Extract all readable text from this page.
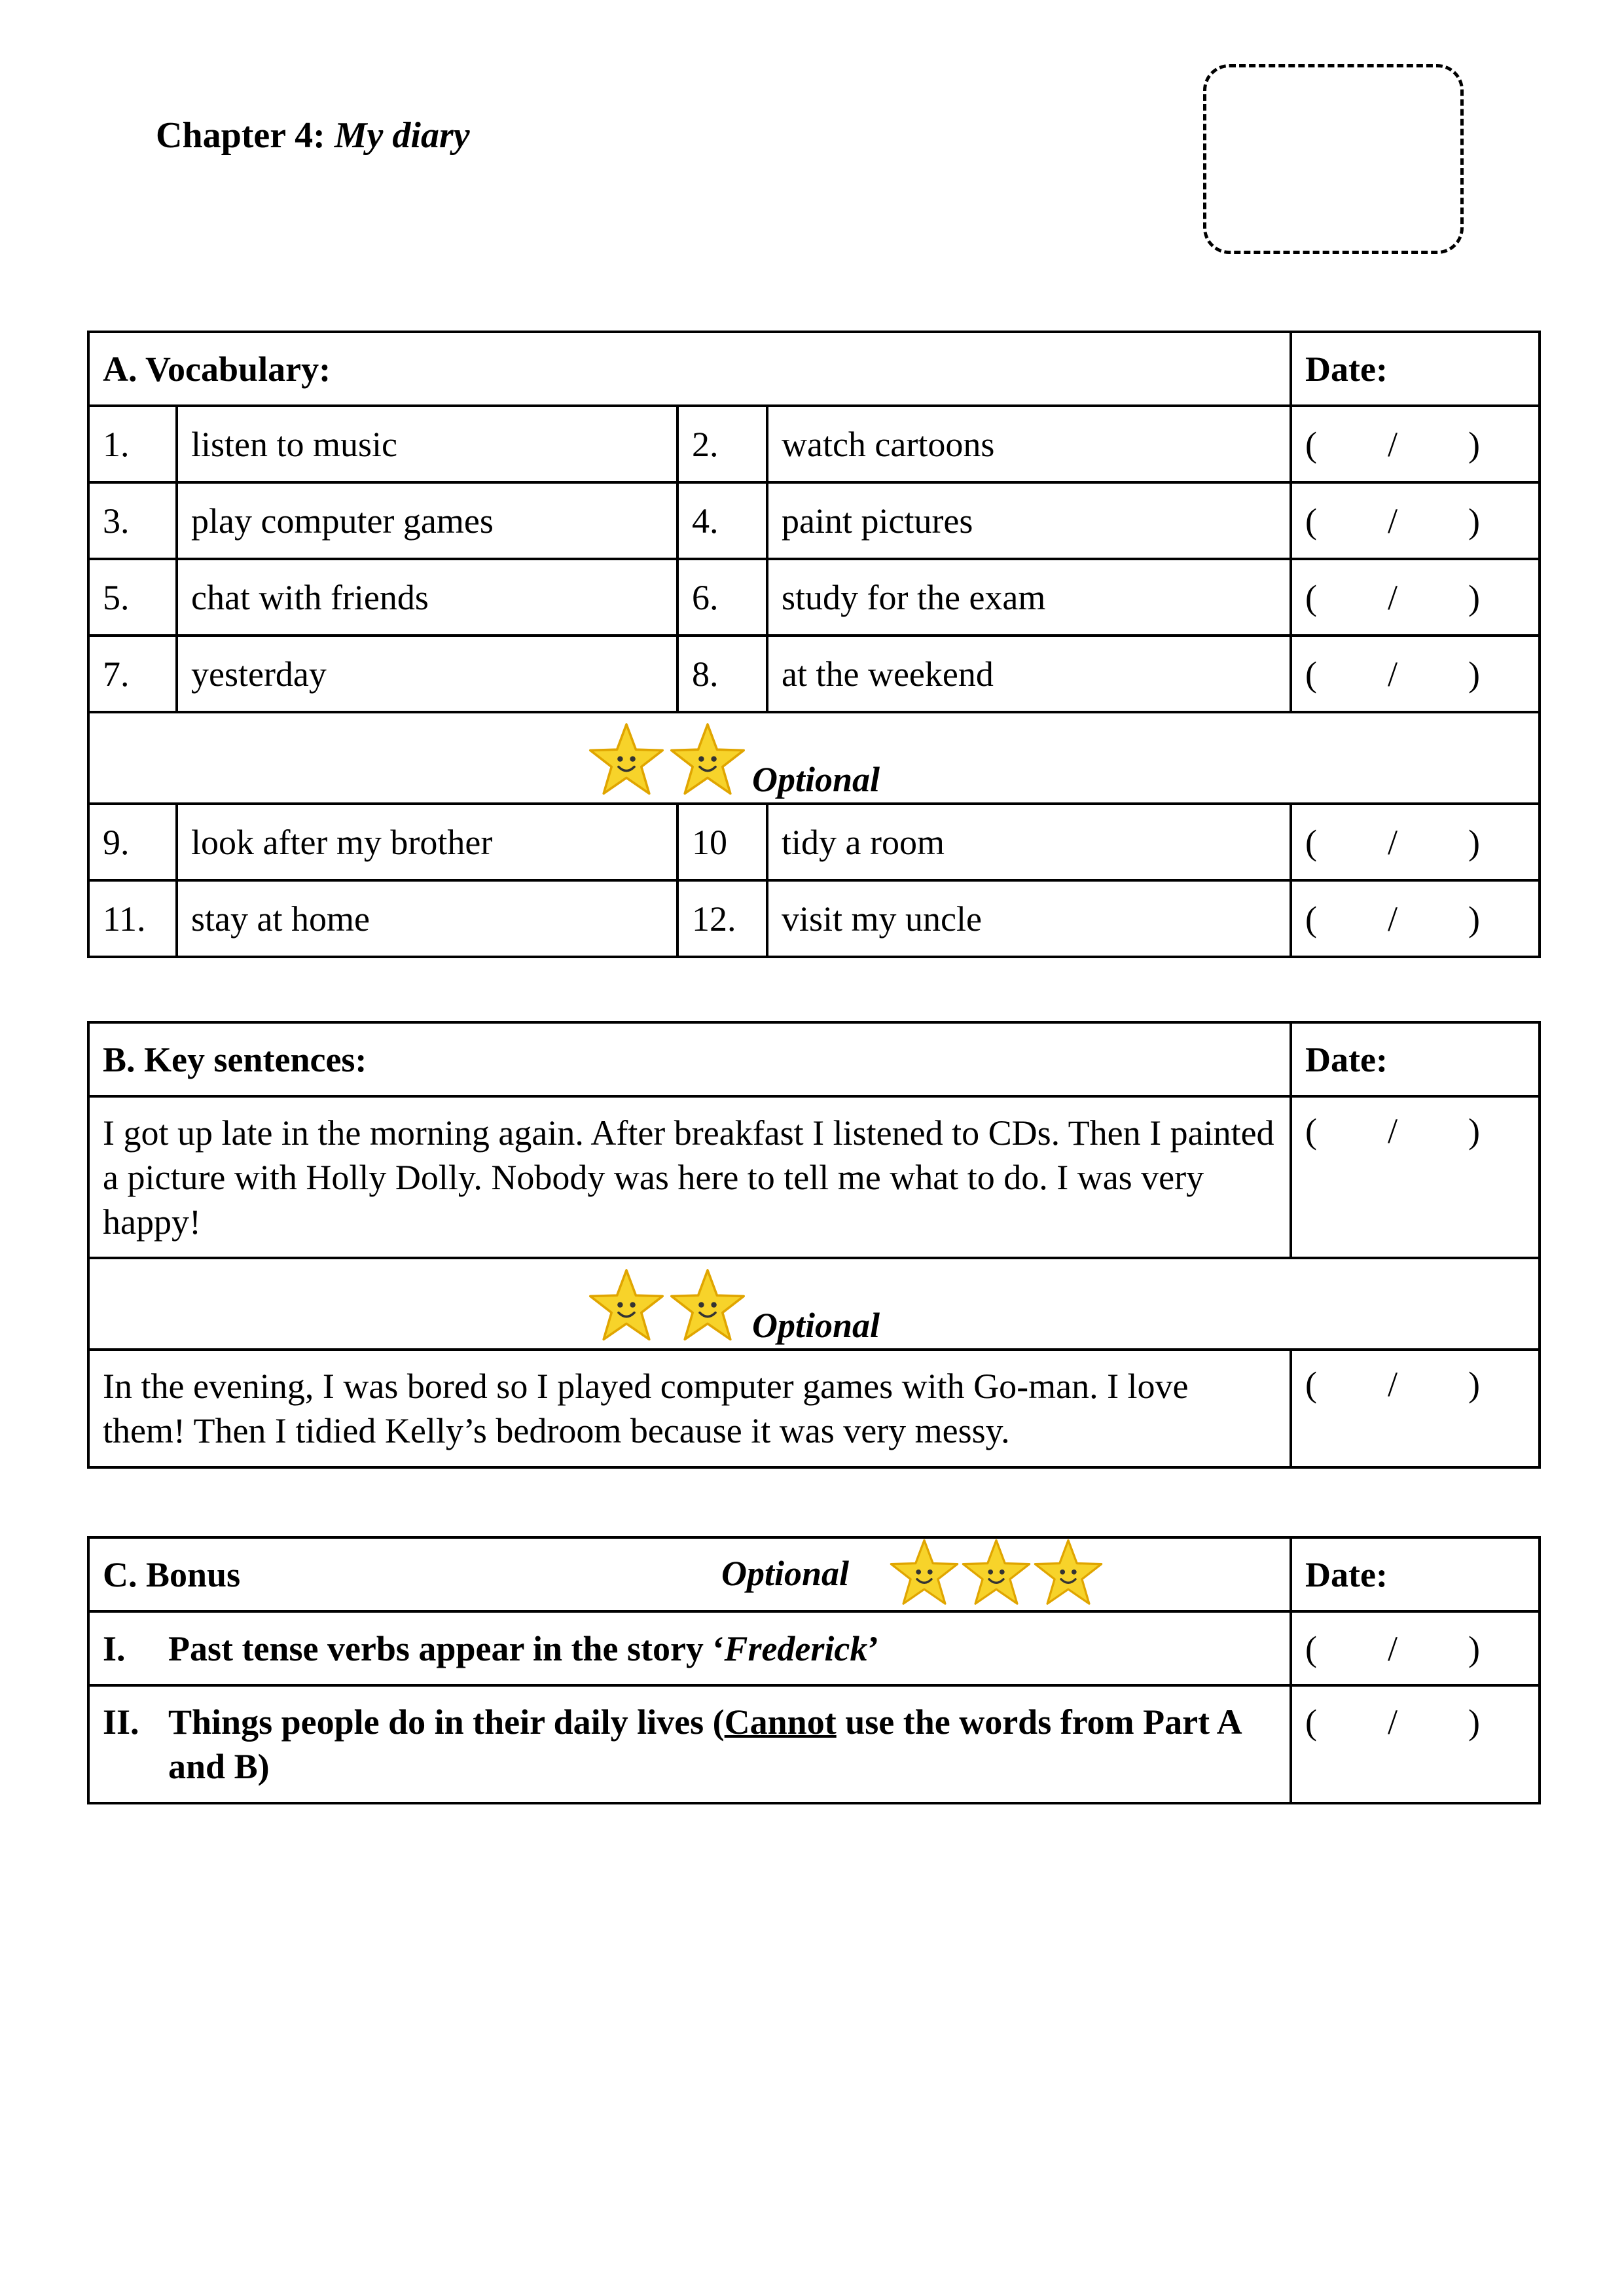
Chapter 4: My diary
A. Vocabulary:				Date:
1.	listen to music	2.	watch cartoons	(        /        )
3.	play computer games	4.	paint pictures	(        /        )
5.	chat with friends	6.	study for the exam	(        /        )
7.	yesterday	8.	at the weekend	(        /        )

Optional				

9.	look after my brother	10	tidy a room	(        /        )
11.	stay at home	12.	visit my uncle	(        /        )
B. Key sentences:	Date:
I got up late in the morning again. After breakfast I listened to CDs. Then I painted a picture with Holly Dolly. Nobody was here to tell me what to do. I was very happy!	(        /        )

Optional	

In the evening, I was bored so I played computer games with Go-man. I love them! Then I tidied Kelly’s bedroom because it was very messy.	(        /        )
C. Bonus Optional	Date:

I. Past tense verbs appear in the story ‘Frederick’	(        /        )

II. Things people do in their daily lives (Cannot use the words from Part A and B)	(        /        )
